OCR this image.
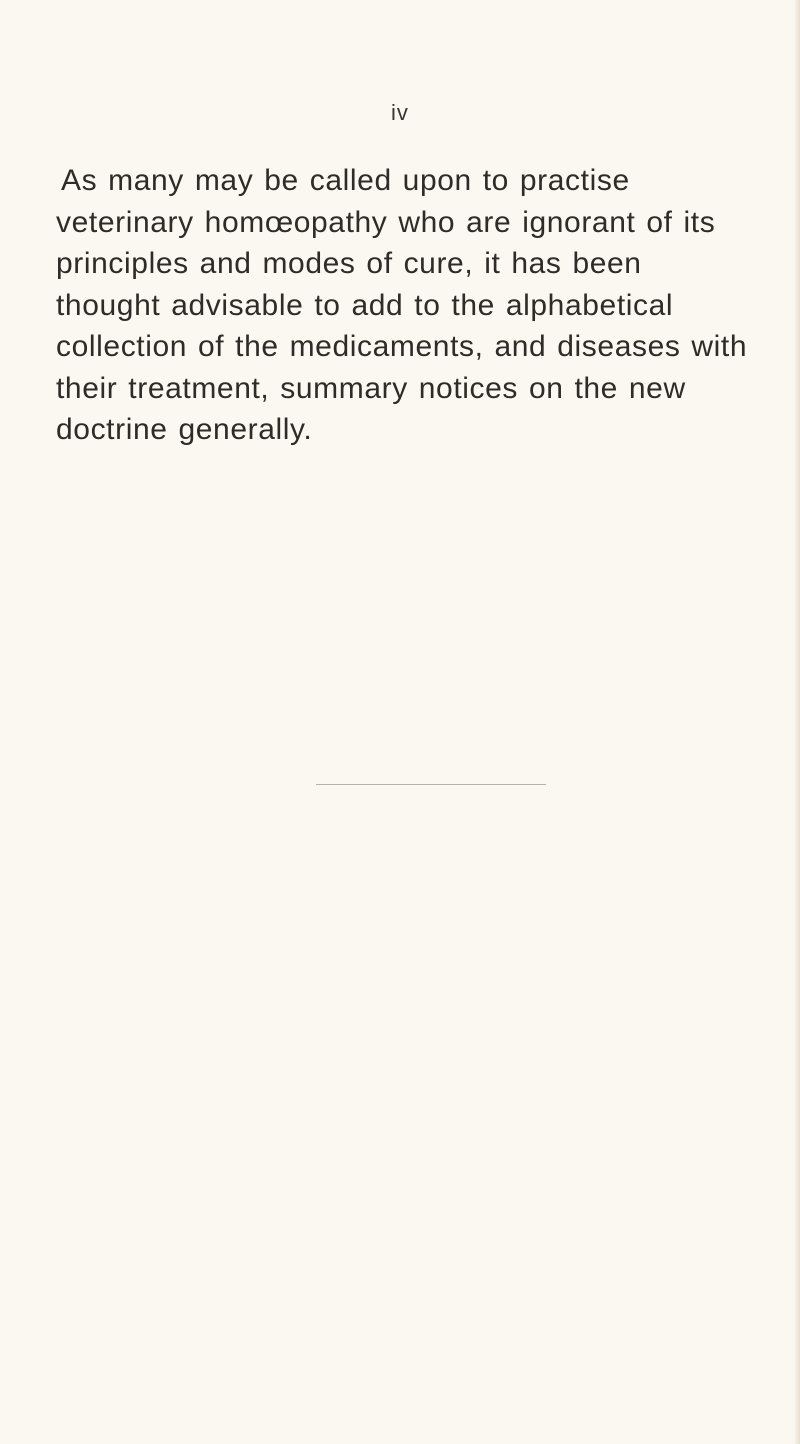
iv

As many may be called upon to practise
veterinary homœopathy who are ignorant of its
principles and modes of cure, it has been
thought advisable to add to the alphabetical
collection of the medicaments, and diseases with
their treatment, summary notices on the new
doctrine generally.
